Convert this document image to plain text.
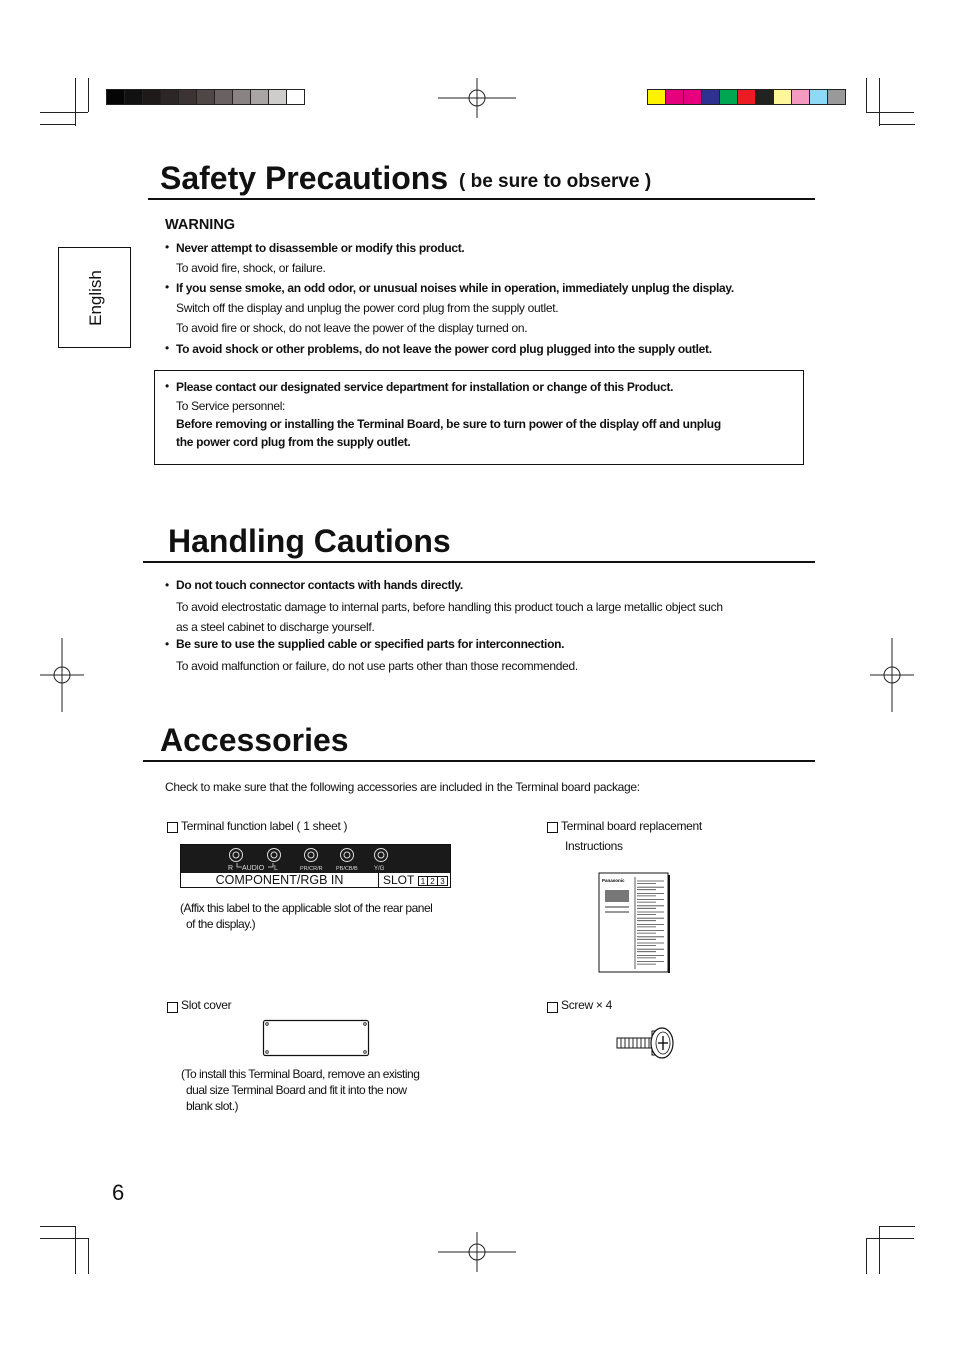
English
Safety Precautions ( be sure to observe )
WARNING
• Never attempt to disassemble or modify this product.
To avoid fire, shock, or failure.
• If you sense smoke, an odd odor, or unusual noises while in operation, immediately unplug the display.
Switch off the display and unplug the power cord plug from the supply outlet.
To avoid fire or shock, do not leave the power of the display turned on.
• To avoid shock or other problems, do not leave the power cord plug plugged into the supply outlet.
• Please contact our designated service department for installation or change of this Product.
To Service personnel:
Before removing or installing the Terminal Board, be sure to turn power of the display off and unplug
the power cord plug from the supply outlet.
Handling Cautions
• Do not touch connector contacts with hands directly.
To avoid electrostatic damage to internal parts, before handling this product touch a large metallic object such
as a steel cabinet to discharge yourself.
• Be sure to use the supplied cable or specified parts for interconnection.
To avoid malfunction or failure, do not use parts other than those recommended.
Accessories
Check to make sure that the following accessories are included in the Terminal board package:
Terminal function label ( 1 sheet )
R AUDIO L	PR/CR/R PB/CB/B	Y/G
COMPONENT/RGB IN	SLOT 1 2 3
(Affix this label to the applicable slot of the rear panel
of the display.)
Terminal board replacement
Instructions
Panasonic
Slot cover
(To install this Terminal Board, remove an existing
dual size Terminal Board and fit it into the now
blank slot.)
Screw × 4
6
